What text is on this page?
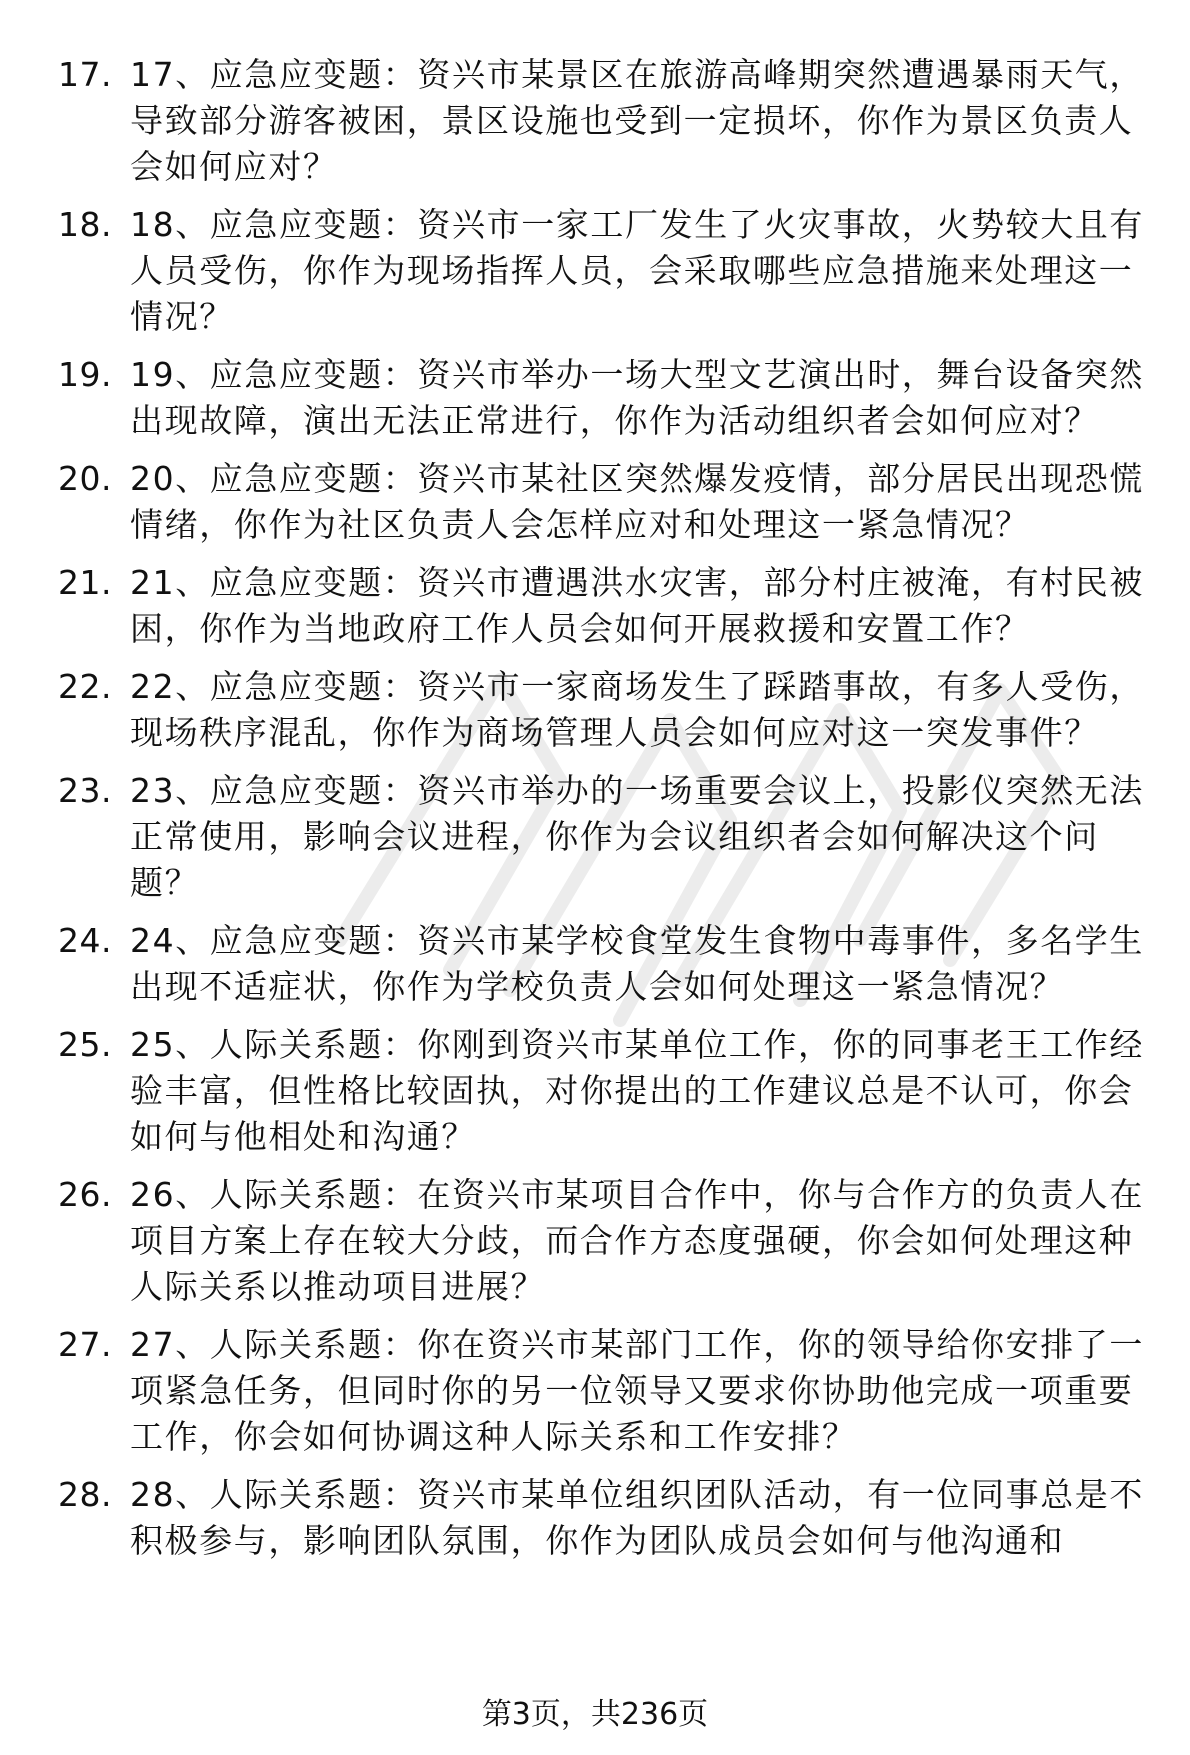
17. 17、应急应变题：资兴市某景区在旅游高峰期突然遭遇暴雨天气，导致部分游客被困，景区设施也受到一定损坏，你作为景区负责人会如何应对？
18. 18、应急应变题：资兴市一家工厂发生了火灾事故，火势较大且有人员受伤，你作为现场指挥人员，会采取哪些应急措施来处理这一情况？
19. 19、应急应变题：资兴市举办一场大型文艺演出时，舞台设备突然出现故障，演出无法正常进行，你作为活动组织者会如何应对？
20. 20、应急应变题：资兴市某社区突然爆发疫情，部分居民出现恐慌情绪，你作为社区负责人会怎样应对和处理这一紧急情况？
21. 21、应急应变题：资兴市遭遇洪水灾害，部分村庄被淹，有村民被困，你作为当地政府工作人员会如何开展救援和安置工作？
22. 22、应急应变题：资兴市一家商场发生了踩踏事故，有多人受伤，现场秩序混乱，你作为商场管理人员会如何应对这一突发事件？
23. 23、应急应变题：资兴市举办的一场重要会议上，投影仪突然无法正常使用，影响会议进程，你作为会议组织者会如何解决这个问题？
24. 24、应急应变题：资兴市某学校食堂发生食物中毒事件，多名学生出现不适症状，你作为学校负责人会如何处理这一紧急情况？
25. 25、人际关系题：你刚到资兴市某单位工作，你的同事老王工作经验丰富，但性格比较固执，对你提出的工作建议总是不认可，你会如何与他相处和沟通？
26. 26、人际关系题：在资兴市某项目合作中，你与合作方的负责人在项目方案上存在较大分歧，而合作方态度强硬，你会如何处理这种人际关系以推动项目进展？
27. 27、人际关系题：你在资兴市某部门工作，你的领导给你安排了一项紧急任务，但同时你的另一位领导又要求你协助他完成一项重要工作，你会如何协调这种人际关系和工作安排？
28. 28、人际关系题：资兴市某单位组织团队活动，有一位同事总是不积极参与，影响团队氛围，你作为团队成员会如何与他沟通和
第3页，共236页
